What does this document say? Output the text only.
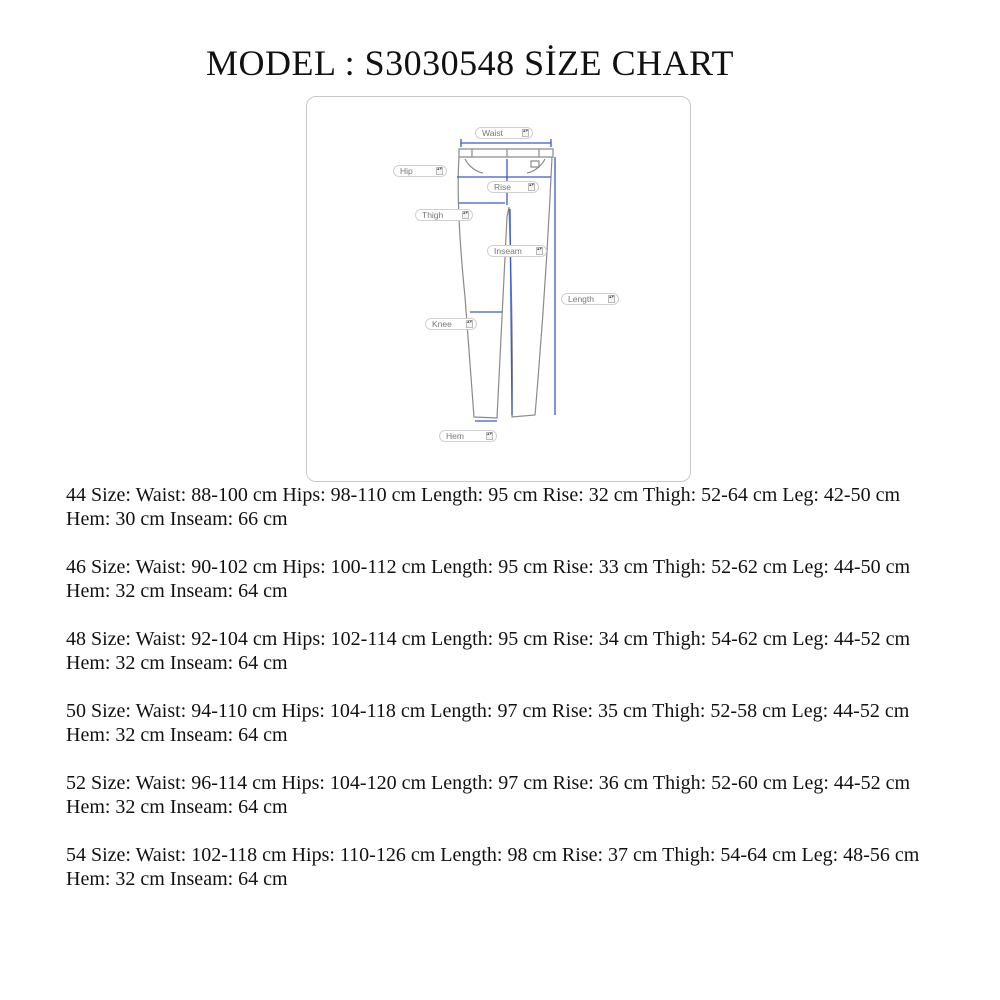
MODEL : S3030548 SİZE CHART
Waist	▴▾
Hip	▴▾
Rise	▴▾
Thigh	▴▾
Inseam	▴▾
Length	▴▾
Knee	▴▾
Hem	▴▾
44 Size: Waist: 88-100 cm Hips: 98-110 cm Length: 95 cm Rise: 32 cm Thigh: 52-64 cm Leg: 42-50 cm Hem: 30 cm Inseam: 66 cm
46 Size: Waist: 90-102 cm Hips: 100-112 cm Length: 95 cm Rise: 33 cm Thigh: 52-62 cm Leg: 44-50 cm Hem: 32 cm Inseam: 64 cm
48 Size: Waist: 92-104 cm Hips: 102-114 cm Length: 95 cm Rise: 34 cm Thigh: 54-62 cm Leg: 44-52 cm Hem: 32 cm Inseam: 64 cm
50 Size: Waist: 94-110 cm Hips: 104-118 cm Length: 97 cm Rise: 35 cm Thigh: 52-58 cm Leg: 44-52 cm Hem: 32 cm Inseam: 64 cm
52 Size: Waist: 96-114 cm Hips: 104-120 cm Length: 97 cm Rise: 36 cm Thigh: 52-60 cm Leg: 44-52 cm Hem: 32 cm Inseam: 64 cm
54 Size: Waist: 102-118 cm Hips: 110-126 cm Length: 98 cm Rise: 37 cm Thigh: 54-64 cm Leg: 48-56 cm Hem: 32 cm Inseam: 64 cm
